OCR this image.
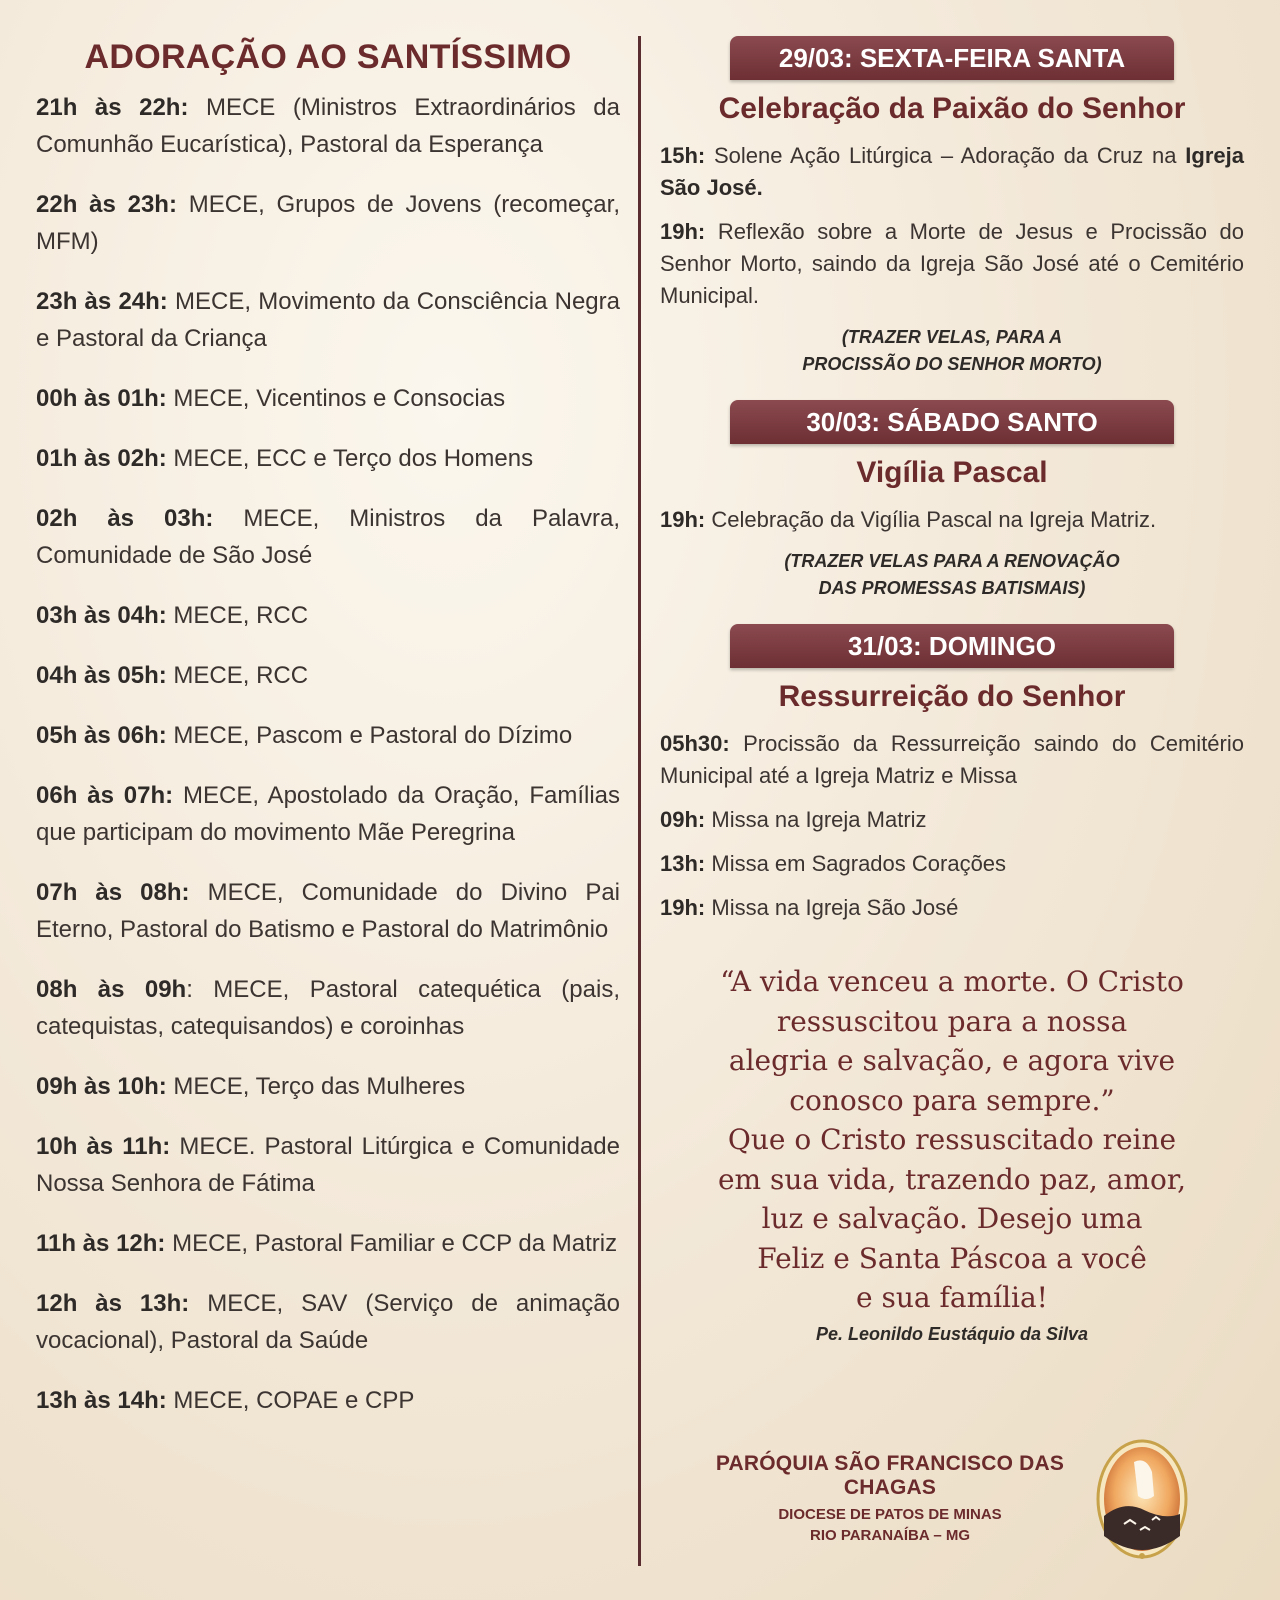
ADORAÇÃO AO SANTÍSSIMO
21h às 22h: MECE (Ministros Extraordinários da Comunhão Eucarística), Pastoral da Esperança
22h às 23h: MECE, Grupos de Jovens (recomeçar, MFM)
23h às 24h: MECE, Movimento da Consciência Negra e Pastoral da Criança
00h às 01h: MECE, Vicentinos e Consocias
01h às 02h: MECE, ECC e Terço dos Homens
02h às 03h: MECE, Ministros da Palavra, Comunidade de São José
03h às 04h: MECE, RCC
04h às 05h: MECE, RCC
05h às 06h: MECE, Pascom e Pastoral do Dízimo
06h às 07h: MECE, Apostolado da Oração, Famílias que participam do movimento Mãe Peregrina
07h às 08h: MECE, Comunidade do Divino Pai Eterno, Pastoral do Batismo e Pastoral do Matrimônio
08h às 09h: MECE, Pastoral catequética (pais, catequistas, catequisandos) e coroinhas
09h às 10h: MECE, Terço das Mulheres
10h às 11h: MECE. Pastoral Litúrgica e Comunidade Nossa Senhora de Fátima
11h às 12h: MECE, Pastoral Familiar e CCP da Matriz
12h às 13h: MECE, SAV (Serviço de animação vocacional), Pastoral da Saúde
13h às 14h: MECE, COPAE e CPP
29/03: SEXTA-FEIRA SANTA
Celebração da Paixão do Senhor
15h: Solene Ação Litúrgica – Adoração da Cruz na Igreja São José.
19h: Reflexão sobre a Morte de Jesus e Procissão do Senhor Morto, saindo da Igreja São José até o Cemitério Municipal.
(TRAZER VELAS, PARA A
PROCISSÃO DO SENHOR MORTO)
30/03: SÁBADO SANTO
Vigília Pascal
19h: Celebração da Vigília Pascal na Igreja Matriz.
(TRAZER VELAS PARA A RENOVAÇÃO
DAS PROMESSAS BATISMAIS)
31/03: DOMINGO
Ressurreição do Senhor
05h30: Procissão da Ressurreição saindo do Cemitério Municipal até a Igreja Matriz e Missa
09h: Missa na Igreja Matriz
13h: Missa em Sagrados Corações
19h: Missa na Igreja São José
“A vida venceu a morte. O Cristo
ressuscitou para a nossa
alegria e salvação, e agora vive
conosco para sempre.”
Que o Cristo ressuscitado reine
em sua vida, trazendo paz, amor,
luz e salvação. Desejo uma
Feliz e Santa Páscoa a você
e sua família!
Pe. Leonildo Eustáquio da Silva
PARÓQUIA SÃO FRANCISCO DAS CHAGAS
DIOCESE DE PATOS DE MINAS
RIO PARANAÍBA – MG
